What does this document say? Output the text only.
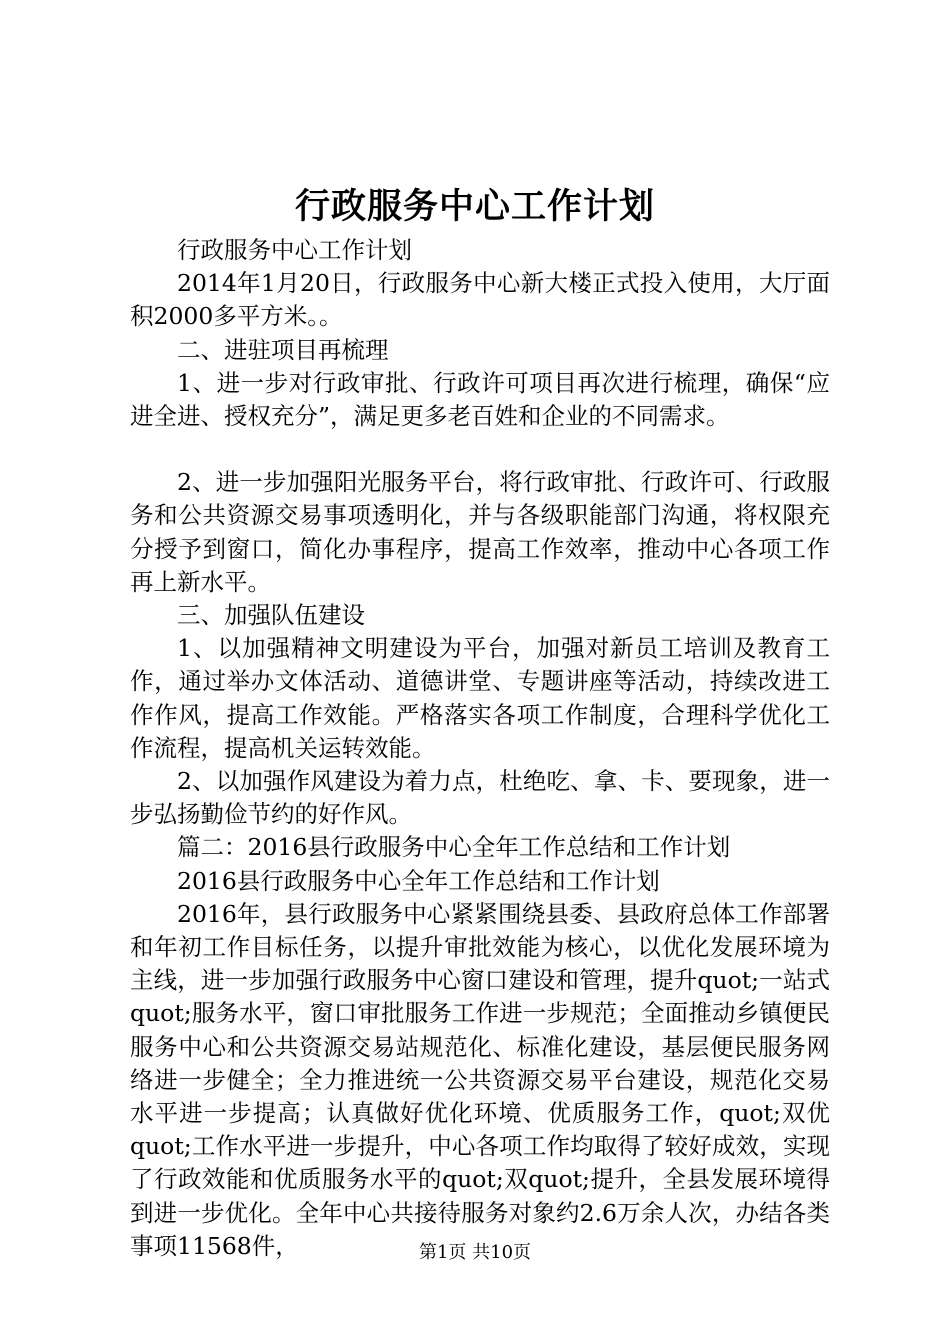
行政服务中心工作计划

行政服务中心工作计划

2014年1月20日，行政服务中心新大楼正式投入使用，大厅面积2000多平方米。。

二、进驻项目再梳理

1、进一步对行政审批、行政许可项目再次进行梳理，确保“应进全进、授权充分”，满足更多老百姓和企业的不同需求。

2、进一步加强阳光服务平台，将行政审批、行政许可、行政服务和公共资源交易事项透明化，并与各级职能部门沟通，将权限充分授予到窗口，简化办事程序，提高工作效率，推动中心各项工作再上新水平。

三、加强队伍建设

1、以加强精神文明建设为平台，加强对新员工培训及教育工作，通过举办文体活动、道德讲堂、专题讲座等活动，持续改进工作作风，提高工作效能。严格落实各项工作制度，合理科学优化工作流程，提高机关运转效能。

2、以加强作风建设为着力点，杜绝吃、拿、卡、要现象，进一步弘扬勤俭节约的好作风。

篇二：2016县行政服务中心全年工作总结和工作计划

2016县行政服务中心全年工作总结和工作计划

2016年，县行政服务中心紧紧围绕县委、县政府总体工作部署和年初工作目标任务，以提升审批效能为核心，以优化发展环境为主线，进一步加强行政服务中心窗口建设和管理，提升quot;一站式quot;服务水平，窗口审批服务工作进一步规范；全面推动乡镇便民服务中心和公共资源交易站规范化、标准化建设，基层便民服务网络进一步健全；全力推进统一公共资源交易平台建设，规范化交易水平进一步提高；认真做好优化环境、优质服务工作，quot;双优quot;工作水平进一步提升，中心各项工作均取得了较好成效，实现了行政效能和优质服务水平的quot;双quot;提升，全县发展环境得到进一步优化。全年中心共接待服务对象约2.6万余人次，办结各类事项11568件，	第1页 共10页
